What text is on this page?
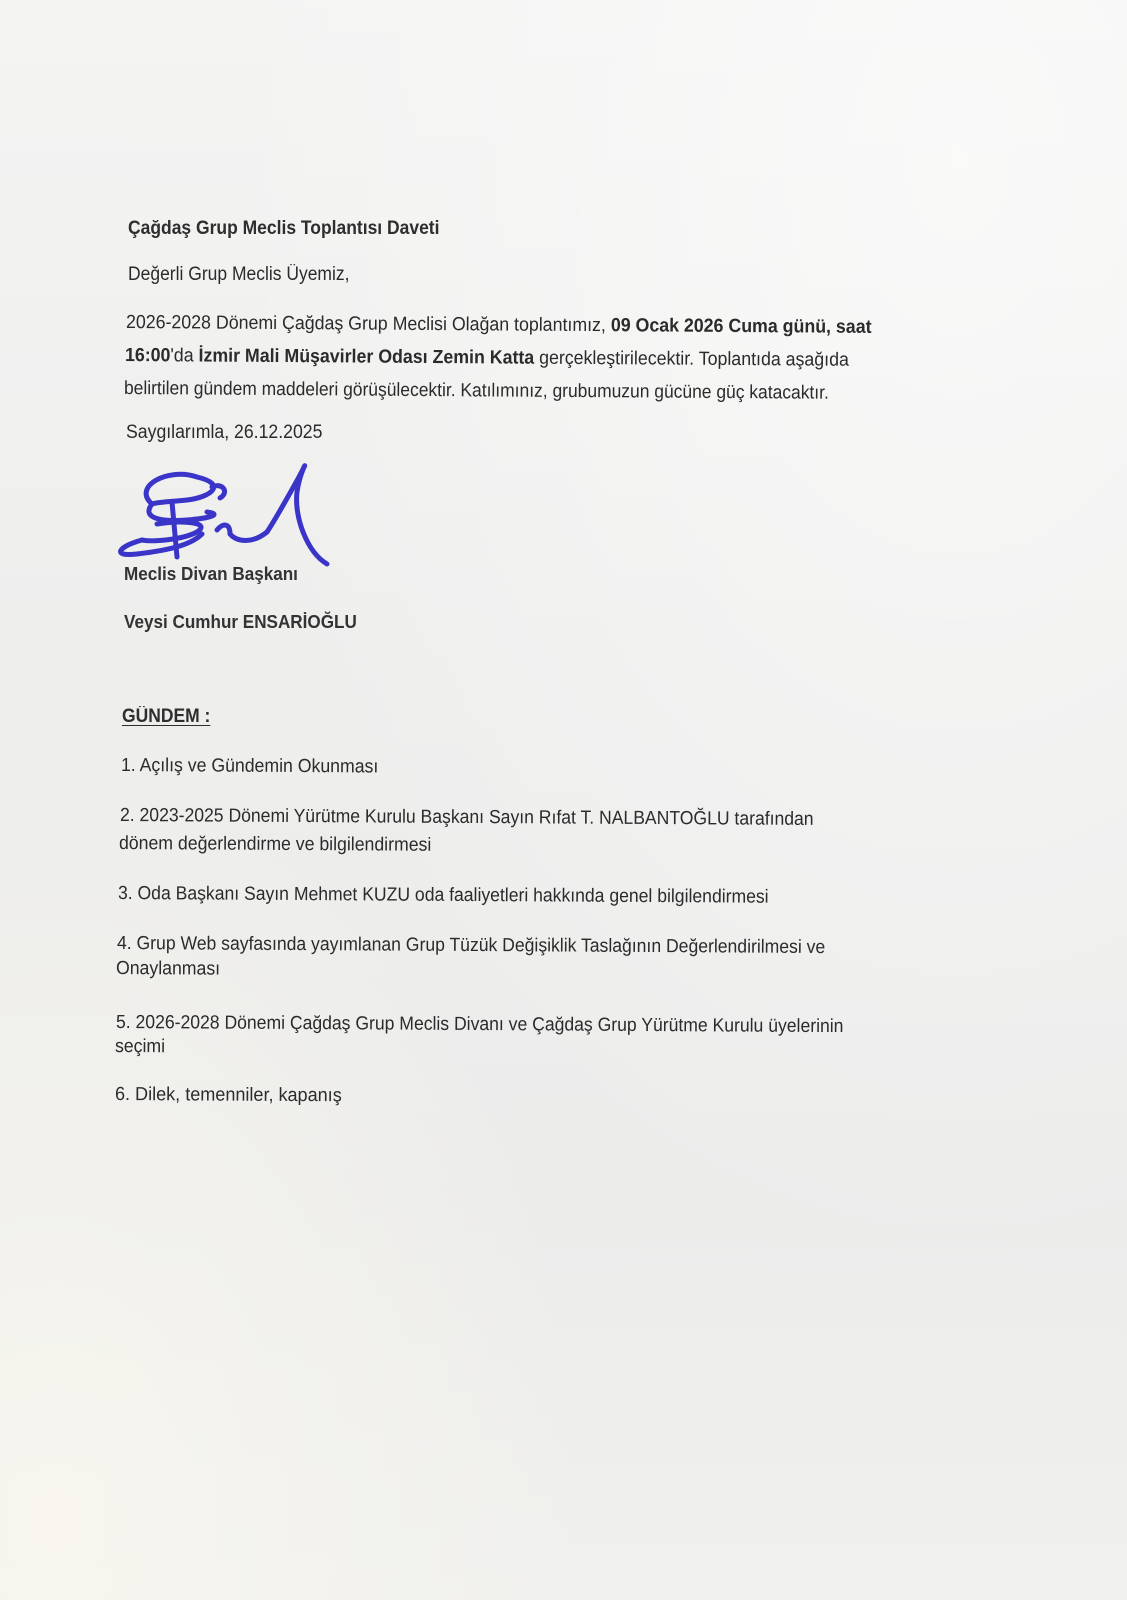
Çağdaş Grup Meclis Toplantısı Daveti
Değerli Grup Meclis Üyemiz,
2026-2028 Dönemi Çağdaş Grup Meclisi Olağan toplantımız, 09 Ocak 2026 Cuma günü, saat
16:00'da İzmir Mali Müşavirler Odası Zemin Katta gerçekleştirilecektir. Toplantıda aşağıda
belirtilen gündem maddeleri görüşülecektir. Katılımınız, grubumuzun gücüne güç katacaktır.
Saygılarımla, 26.12.2025
Meclis Divan Başkanı
Veysi Cumhur ENSARİOĞLU
GÜNDEM :
1. Açılış ve Gündemin Okunması
2. 2023-2025 Dönemi Yürütme Kurulu Başkanı Sayın Rıfat T. NALBANTOĞLU tarafından
dönem değerlendirme ve bilgilendirmesi
3. Oda Başkanı Sayın Mehmet KUZU oda faaliyetleri hakkında genel bilgilendirmesi
4. Grup Web sayfasında yayımlanan Grup Tüzük Değişiklik Taslağının Değerlendirilmesi ve
Onaylanması
5. 2026-2028 Dönemi Çağdaş Grup Meclis Divanı ve Çağdaş Grup Yürütme Kurulu üyelerinin
seçimi
6. Dilek, temenniler, kapanış
